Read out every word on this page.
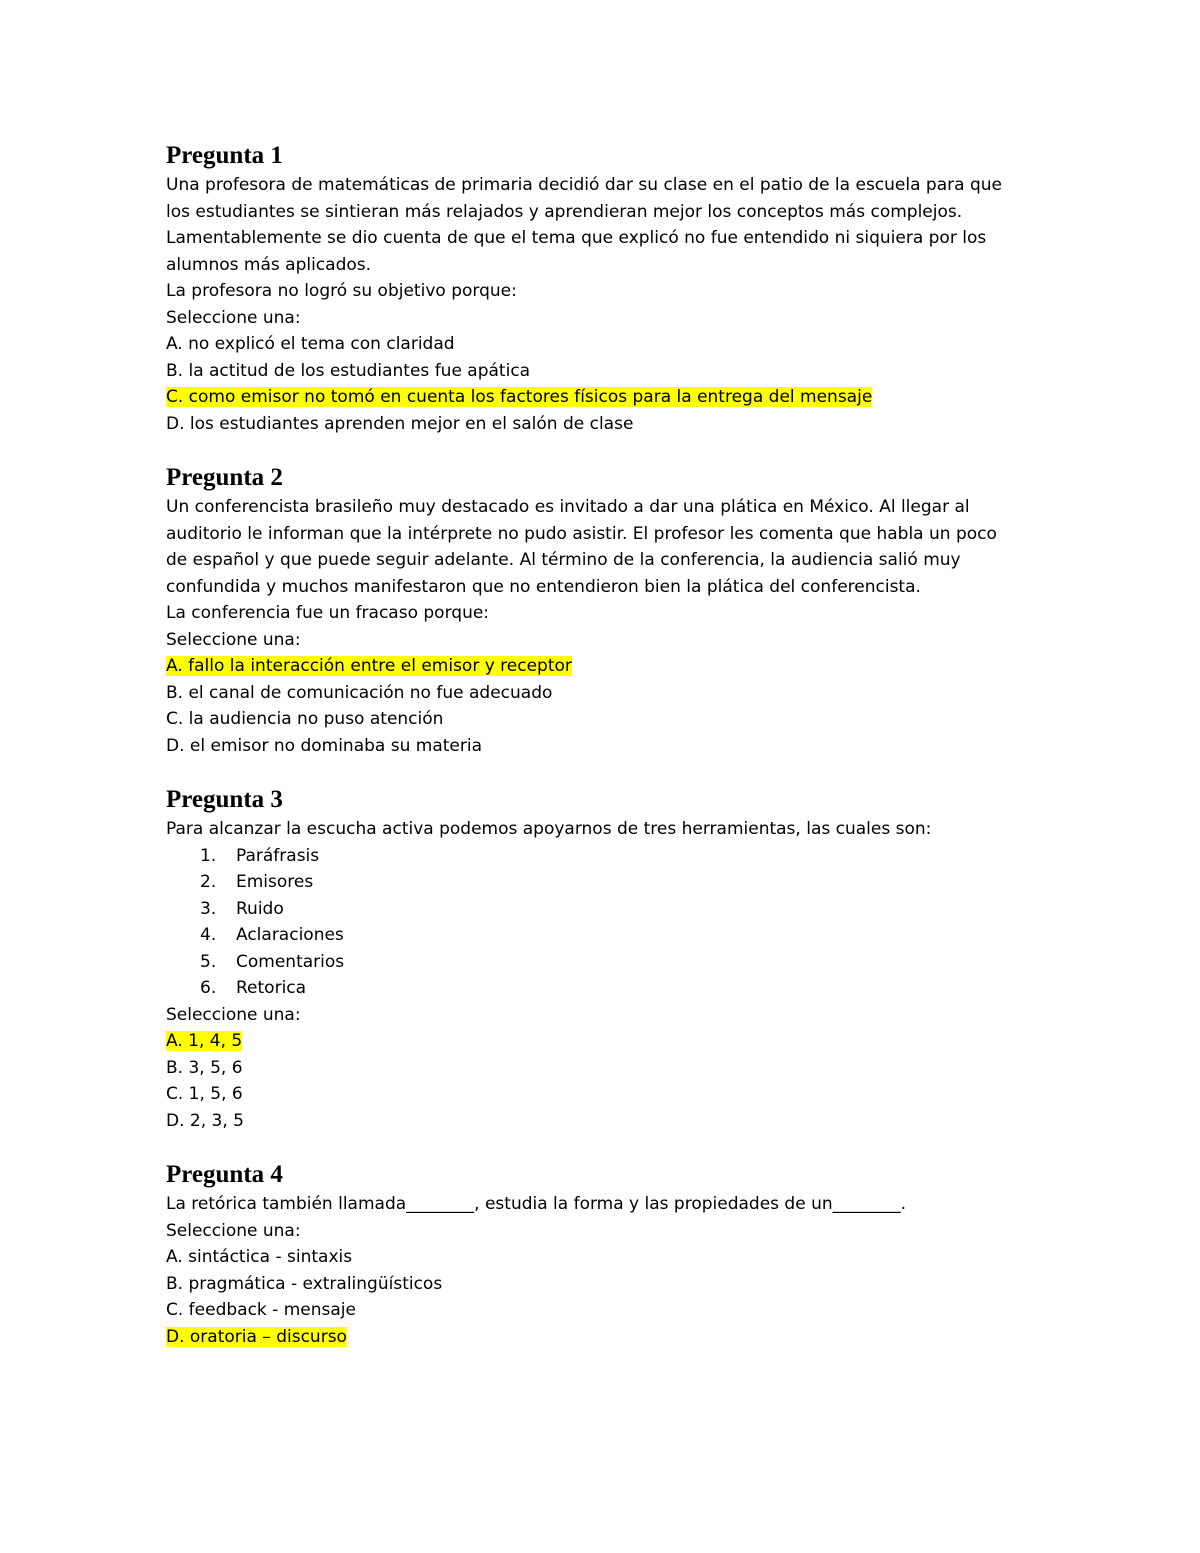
Pregunta 1

Una profesora de matemáticas de primaria decidió dar su clase en el patio de la escuela para que

los estudiantes se sintieran más relajados y aprendieran mejor los conceptos más complejos.

Lamentablemente se dio cuenta de que el tema que explicó no fue entendido ni siquiera por los

alumnos más aplicados.

La profesora no logró su objetivo porque:

Seleccione una:

A. no explicó el tema con claridad

B. la actitud de los estudiantes fue apática

C. como emisor no tomó en cuenta los factores físicos para la entrega del mensaje

D. los estudiantes aprenden mejor en el salón de clase

Pregunta 2

Un conferencista brasileño muy destacado es invitado a dar una plática en México. Al llegar al

auditorio le informan que la intérprete no pudo asistir. El profesor les comenta que habla un poco

de español y que puede seguir adelante. Al término de la conferencia, la audiencia salió muy

confundida y muchos manifestaron que no entendieron bien la plática del conferencista.

La conferencia fue un fracaso porque:

Seleccione una:

A. fallo la interacción entre el emisor y receptor

B. el canal de comunicación no fue adecuado

C. la audiencia no puso atención

D. el emisor no dominaba su materia

Pregunta 3

Para alcanzar la escucha activa podemos apoyarnos de tres herramientas, las cuales son:

1. Paráfrasis
2. Emisores
3. Ruido
4. Aclaraciones
5. Comentarios
6. Retorica

Seleccione una:

A. 1, 4, 5

B. 3, 5, 6

C. 1, 5, 6

D. 2, 3, 5

Pregunta 4

La retórica también llamada________, estudia la forma y las propiedades de un________.

Seleccione una:

A. sintáctica - sintaxis

B. pragmática - extralingüísticos

C. feedback - mensaje

D. oratoria – discurso
